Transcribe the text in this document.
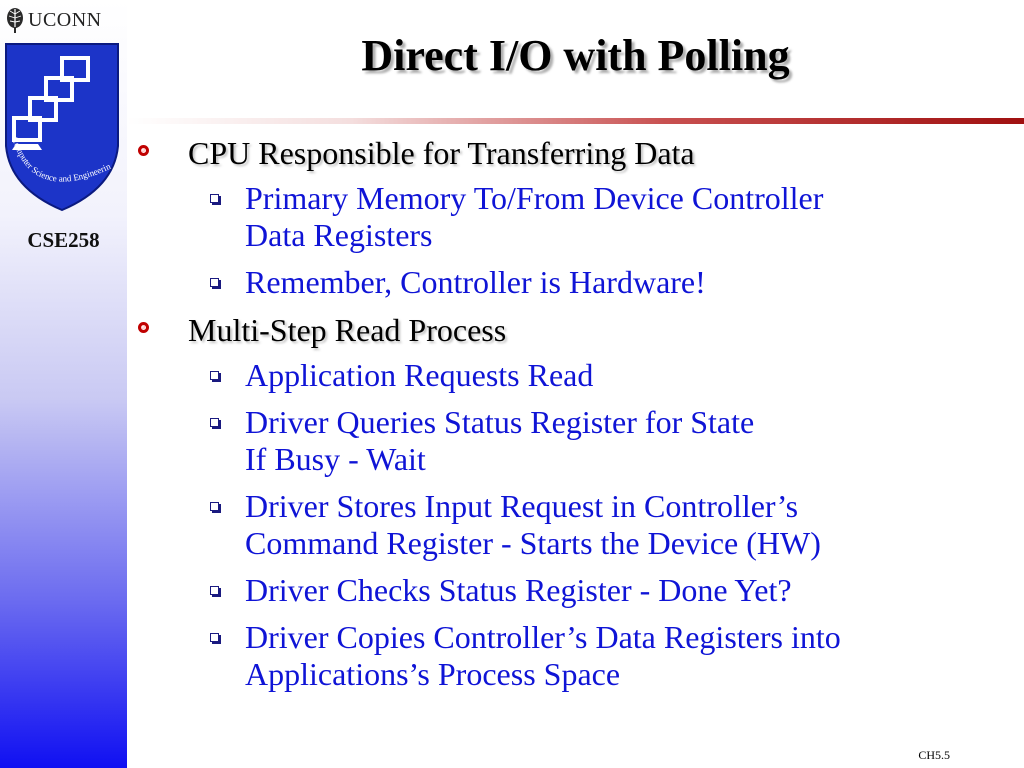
UCONN
Computer Science and Engineerin
CSE258
Direct I/O with Polling
CPU Responsible for Transferring Data
Primary Memory To/From Device Controller
Data Registers
Remember, Controller is Hardware!
Multi-Step Read Process
Application Requests Read
Driver Queries Status Register for State
If Busy - Wait
Driver Stores Input Request in Controller’s
Command Register - Starts the Device (HW)
Driver Checks Status Register - Done Yet?
Driver Copies Controller’s Data Registers into
Applications’s Process Space
CH5.5
